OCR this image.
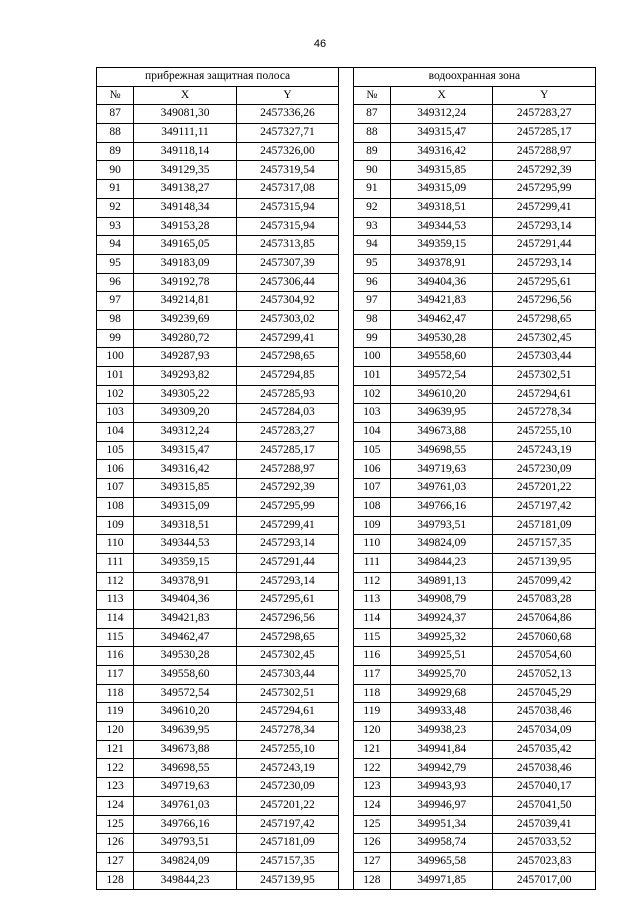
46
прибрежная защитная полоса				водоохранная зона		
№	X	Y		№	X	Y
87	349081,30	2457336,26		87	349312,24	2457283,27
88	349111,11	2457327,71		88	349315,47	2457285,17
89	349118,14	2457326,00		89	349316,42	2457288,97
90	349129,35	2457319,54		90	349315,85	2457292,39
91	349138,27	2457317,08		91	349315,09	2457295,99
92	349148,34	2457315,94		92	349318,51	2457299,41
93	349153,28	2457315,94		93	349344,53	2457293,14
94	349165,05	2457313,85		94	349359,15	2457291,44
95	349183,09	2457307,39		95	349378,91	2457293,14
96	349192,78	2457306,44		96	349404,36	2457295,61
97	349214,81	2457304,92		97	349421,83	2457296,56
98	349239,69	2457303,02		98	349462,47	2457298,65
99	349280,72	2457299,41		99	349530,28	2457302,45
100	349287,93	2457298,65		100	349558,60	2457303,44
101	349293,82	2457294,85		101	349572,54	2457302,51
102	349305,22	2457285,93		102	349610,20	2457294,61
103	349309,20	2457284,03		103	349639,95	2457278,34
104	349312,24	2457283,27		104	349673,88	2457255,10
105	349315,47	2457285,17		105	349698,55	2457243,19
106	349316,42	2457288,97		106	349719,63	2457230,09
107	349315,85	2457292,39		107	349761,03	2457201,22
108	349315,09	2457295,99		108	349766,16	2457197,42
109	349318,51	2457299,41		109	349793,51	2457181,09
110	349344,53	2457293,14		110	349824,09	2457157,35
111	349359,15	2457291,44		111	349844,23	2457139,95
112	349378,91	2457293,14		112	349891,13	2457099,42
113	349404,36	2457295,61		113	349908,79	2457083,28
114	349421,83	2457296,56		114	349924,37	2457064,86
115	349462,47	2457298,65		115	349925,32	2457060,68
116	349530,28	2457302,45		116	349925,51	2457054,60
117	349558,60	2457303,44		117	349925,70	2457052,13
118	349572,54	2457302,51		118	349929,68	2457045,29
119	349610,20	2457294,61		119	349933,48	2457038,46
120	349639,95	2457278,34		120	349938,23	2457034,09
121	349673,88	2457255,10		121	349941,84	2457035,42
122	349698,55	2457243,19		122	349942,79	2457038,46
123	349719,63	2457230,09		123	349943,93	2457040,17
124	349761,03	2457201,22		124	349946,97	2457041,50
125	349766,16	2457197,42		125	349951,34	2457039,41
126	349793,51	2457181,09		126	349958,74	2457033,52
127	349824,09	2457157,35		127	349965,58	2457023,83
128	349844,23	2457139,95		128	349971,85	2457017,00
